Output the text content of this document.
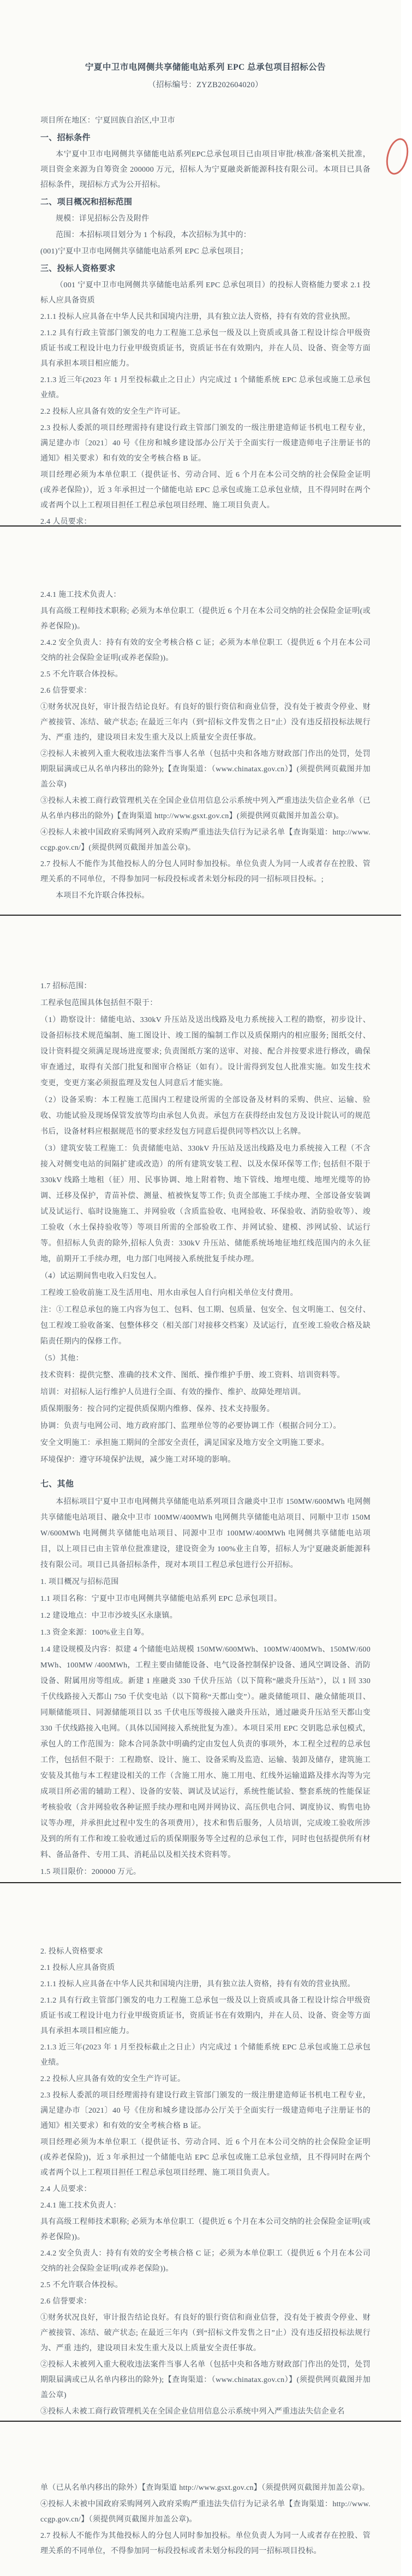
宁夏中卫市电网侧共享储能电站系列 EPC 总承包项目招标公告
（招标编号：ZYZB202604020）
项目所在地区：宁夏回族自治区,中卫市
一、招标条件
本宁夏中卫市电网侧共享储能电站系列EPC总承包项目已由项目审批/核准/备案机关批准，项目资金来源为自筹资金 200000 万元，招标人为宁夏融炎新能源科技有限公司。本项目已具备招标条件，现招标方式为公开招标。
二、项目概况和招标范围
规模：详见招标公告及附件
范围：本招标项目划分为 1 个标段，本次招标为其中的：
(001)宁夏中卫市电网侧共享储能电站系列 EPC 总承包项目；
三、投标人资格要求
（001 宁夏中卫市电网侧共享储能电站系列 EPC 总承包项目）的投标人资格能力要求 2.1 投标人应具备资质
2.1.1 投标人应具备在中华人民共和国境内注册，具有独立法人资格，持有有效的营业执照。
2.1.2 具有行政主管部门颁发的电力工程施工总承包一级及以上资质或具备工程设计综合甲级资质证书或工程设计电力行业甲级资质证书，资质证书在有效期内，并在人员、设备、资金等方面具有承担本项目相应能力。
2.1.3 近三年(2023 年 1 月至投标截止之日止）内完成过 1 个储能系统 EPC 总承包或施工总承包业绩。
2.2 投标人应具备有效的安全生产许可证。
2.3 投标人委派的项目经理需持有建设行政主管部门颁发的一级注册建造师证书机电工程专业，满足建办市〔2021〕40 号《住房和城乡建设部办公厅关于全面实行一级建造师电子注册证书的通知》相关要求）和有效的安全考核合格 B 证。
项目经理必须为本单位职工（提供证书、劳动合同、近 6 个月在本公司交纳的社会保险金证明(或养老保险)），近 3 年承担过一个储能电站 EPC 总承包或施工总承包业绩，且不得同时在两个或者两个以上工程项目担任工程总承包项目经理、施工项目负责人。
2.4 人员要求：
2.4.1 施工技术负责人：
具有高级工程师技术职称; 必须为本单位职工（提供近 6 个月在本公司交纳的社会保险金证明(或养老保险))。
2.4.2 安全负责人：持有有效的安全考核合格 C 证；必须为本单位职工（提供近 6 个月在本公司交纳的社会保险金证明(或养老保险))。
2.5 不允许联合体投标。
2.6 信誉要求：
①财务状况良好，审计报告结论良好。有良好的银行资信和商业信誉，没有处于被责令停业、财产被接管、冻结、破产状态; 在最近三年内（到“招标文件发售之日”止）没有违反招投标法规行为、严重 违约，建设项目未发生重大及以上质量安全责任事故。
②投标人未被列入重大税收违法案件当事人名单（包括中央和各地方财政部门作出的处罚，处罚期限届满或已从名单内移出的除外);【查询渠道：（www.chinatax.gov.cn）】(须提供网页截图并加盖公章)
③投标人未被工商行政管理机关在全国企业信用信息公示系统中列入严重违法失信企业名单（已从名单内移出的除外)【查询渠道 http://www.gsxt.gov.cn】(须提供网页截图并加盖公章)。
④投标人未被中国政府采购网列入政府采购严重违法失信行为记录名单【查询渠道：http://www.ccgp.gov.cn/】(须提供网页截图并加盖公章)。
2.7 投标人不能作为其他投标人的分包人同时参加投标。单位负责人为同一人或者存在控股、管理关系的不同单位，不得参加同一标段投标或者未划分标段的同一招标项目投标。;
本项目不允许联合体投标。
1.7 招标范围：
工程承包范围具体包括但不限于：
（1）勘察设计：储能电站、330kV 升压站及送出线路及电力系统接入工程的勘察，初步设计、设备招标技术规范编制、施工图设计、竣工图的编制工作以及质保期内的相应服务; 图纸交付、设计资料提交须满足现场进度要求; 负责图纸方案的送审、对接、配合并按要求进行修改，确保审查通过，取得有关部门批复和图审合格证（如有）。设计需得到发包人批准实施。如发生技术变更，变更方案必须报监理及发包人同意后才能实施。
（2）设备采购：本工程施工范围内工程建设所需的全部设备及材料的采购、供应、运输、验收、功能试验及现场保管发放等均由承包人负责。承包方在获得经由发包方及设计院认可的规范书后，设备材料应根据规范书的要求经发包方同意后提供同等档次以上名牌。
（3）建筑安装工程施工：负责储能电站、330kV 升压站及送出线路及电力系统接入工程（不含接入对侧变电站的间隔扩建或改造）的所有建筑安装工程、以及水保环保等工作; 包括但不限于 330kV 线路土地租（征）用、民事协调、地上附着物、地下管线、地埋电缆、地埋光缆等的协调、迁移及保护，青苗补偿、测量、植被恢复等工作; 负责全部施工手续办理、全部设备安装调试及试运行、临时设施施工、并网验收（含质监验收、电网验收、环保验收、消防验收等）、竣工验收（水土保持验收等）等项目所需的全部验收工作、并网试验、建模、涉网试验、试运行等。但招标人负责的除外,招标人负责：330kV 升压站、储能系统场地征地红线范围内的永久征地，前期开工手续办理，电力部门电网接入系统批复手续办理。
（4）试运期间售电收入归发包人。
工程竣工验收前施工及生活用电、用水由承包人自行向相关单位支付费用。
注：①工程总承包的施工内容为包工、包料、包工期、包质量、包安全、包文明施工、包交付、包工程竣工验收备案、包整体移交（相关部门对接移交档案）及试运行，直至竣工验收合格及缺陷责任期内的保修工作。
（5）其他：
技术资料：提供完整、准确的技术文件、图纸、操作维护手册、竣工资料、培训资料等。
培训：对招标人运行维护人员进行全面、有效的操作、维护、故障处理培训。
质保期服务：按合同约定提供质保期内维修、保养、技术支持服务。
协调：负责与电网公司、地方政府部门、监理单位等的必要协调工作（根据合同分工）。
安全文明施工：承担施工期间的全部安全责任，满足国家及地方安全文明施工要求。
环境保护：遵守环境保护法规，减少施工对环境的影响。
七、其他
本招标项目宁夏中卫市电网侧共享储能电站系列项目含融炎中卫市 150MW/600MWh 电网侧共享储能电站项目、融众中卫市 100MW/400MWh 电网侧共享储能电站项目、同顺中卫市 150MW/600MWh 电网侧共享储能电站项目、同源中卫市 100MW/400MWh 电网侧共享储能电站项目，以上项目已由主管单位批准建设，建设资金为 100%业主自筹，招标人为宁夏融炎新能源科技有限公司。项目已具备招标条件，现对本项目工程总承包进行公开招标。
1. 项目概况与招标范围
1.1 项目名称：宁夏中卫市电网侧共享储能电站系列 EPC 总承包项目。
1.2 建设地点：中卫市沙坡头区永康镇。
1.3 资金来源：100%业主自筹。
1.4 建设规模及内容：拟建 4 个储能电站规模 150MW/600MWh、100MW/400MWh、150MW/600MWh、100MW /400MWh，工程主要由储能设备、电气设备控制保护设备、通风空调设备、消防设备、附属用房等组成。新建 1 座融炎 330 千伏升压站（以下简称“融炎升压站”），以 1 回 330 千伏线路接入天都山 750 千伏变电站（以下简称“天都山变”）。融炎储能项目、融众储能项目、同顺储能项目、同源储能项目以 35 千伏电压等级接入融炎升压站，通过融炎升压站至天都山变 330 千伏线路接入电网。（具体以国网接入系统批复为准）。本项目采用 EPC 交钥匙总承包模式，承包人的工作范围为：除本合同条款中明确约定由发包人负责的事项外，本工程全过程的总承包工作，包括但不限于：工程勘察、设计、施工、设备采购及监造、运输、装卸及储存，建筑施工安装及其他与本工程建设相关的工作（含施工用水、施工用电、红线外运输道路及排水沟等为完成项目所必需的辅助工程）、设备的安装、调试及试运行，系统性能试验、整套系统的性能保证考核验收（含并网验收各种证照手续办理和电网并网协议、高压供电合同、调度协议、购售电协议等办理，并承担此过程中发生的各项费用），技术和售后服务，人员培训，完成竣工验收所涉及到的所有工作和竣工验收通过后的质保期服务等全过程的总承包工作，同时也包括提供所有材料、备品备件、专用工具、消耗品以及相关技术资料等。
1.5 项目限价：200000 万元。
2. 投标人资格要求
2.1 投标人应具备资质
2.1.1 投标人应具备在中华人民共和国境内注册，具有独立法人资格，持有有效的营业执照。
2.1.2 具有行政主管部门颁发的电力工程施工总承包一级及以上资质或具备工程设计综合甲级资质证书或工程设计电力行业甲级资质证书，资质证书在有效期内，并在人员、设备、资金等方面具有承担本项目相应能力。
2.1.3 近三年(2023 年 1 月至投标截止之日止）内完成过 1 个储能系统 EPC 总承包或施工总承包业绩。
2.2 投标人应具备有效的安全生产许可证。
2.3 投标人委派的项目经理需持有建设行政主管部门颁发的一级注册建造师证书机电工程专业，满足建办市〔2021〕40 号《住房和城乡建设部办公厅关于全面实行一级建造师电子注册证书的通知》相关要求）和有效的安全考核合格 B 证。
项目经理必须为本单位职工（提供证书、劳动合同、近 6 个月在本公司交纳的社会保险金证明(或养老保险))，近 3 年承担过一个储能电站 EPC 总承包或施工总承包业绩，且不得同时在两个或者两个以上工程项目担任工程总承包项目经理、施工项目负责人。
2.4 人员要求：
2.4.1 施工技术负责人：
具有高级工程师技术职称; 必须为本单位职工（提供近 6 个月在本公司交纳的社会保险金证明(或养老保险))。
2.4.2 安全负责人：持有有效的安全考核合格 C 证；必须为本单位职工（提供近 6 个月在本公司交纳的社会保险金证明(或养老保险))。
2.5 不允许联合体投标。
2.6 信誉要求：
①财务状况良好，审计报告结论良好。有良好的银行资信和商业信誉，没有处于被责令停业、财产被接管、冻结、破产状态; 在最近三年内（到“招标文件发售之日”止）没有违反招投标法规行为、严重 违约，建设项目未发生重大及以上质量安全责任事故。
②投标人未被列入重大税收违法案件当事人名单（包括中央和各地方财政部门作出的处罚，处罚期限届满或已从名单内移出的除外);【查询渠道：（www.chinatax.gov.cn）】(须提供网页截图并加盖公章)
③投标人未被工商行政管理机关在全国企业信用信息公示系统中列入严重违法失信企业名
单（已从名单内移出的除外）【查询渠道 http://www.gsxt.gov.cn】（须提供网页截图并加盖公章)。
④投标人未被中国政府采购网列入政府采购严重违法失信行为记录名单【查询渠道：http://www.ccgp.gov.cn/】（须提供网页截图并加盖公章)。
2.7 投标人不能作为其他投标人的分包人同时参加投标。单位负责人为同一人或者存在控股、管理关系的不同单位，不得参加同一标段投标或者未划分标段的同一招标项目投标。
